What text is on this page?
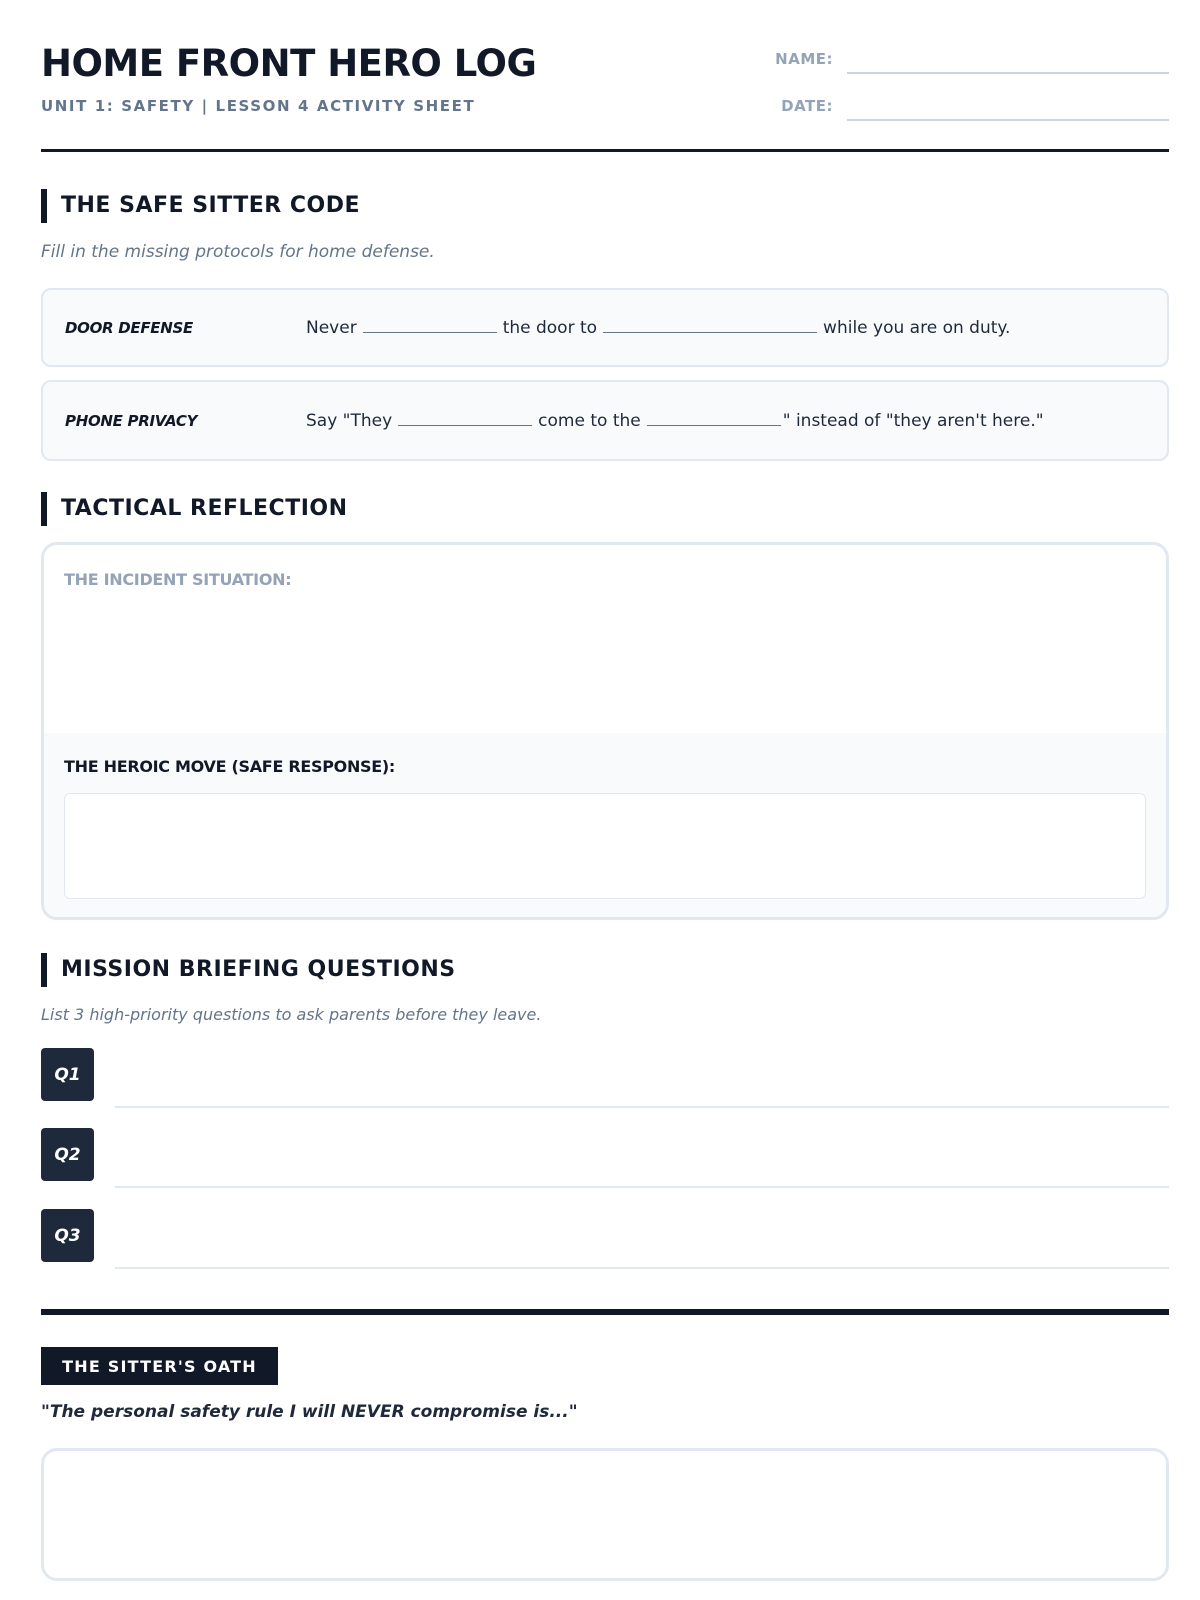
HOME FRONT HERO LOG
UNIT 1: SAFETY | LESSON 4 ACTIVITY SHEET
NAME:
DATE:
THE SAFE SITTER CODE
Fill in the missing protocols for home defense.
DOOR DEFENSE	Never	the door to	while you are on duty.
PHONE PRIVACY	Say "They	come to the	" instead of "they aren't here."
TACTICAL REFLECTION
THE INCIDENT SITUATION:
THE HEROIC MOVE (SAFE RESPONSE):
MISSION BRIEFING QUESTIONS
List 3 high-priority questions to ask parents before they leave.
Q1
Q2
Q3
THE SITTER'S OATH
"The personal safety rule I will NEVER compromise is..."
